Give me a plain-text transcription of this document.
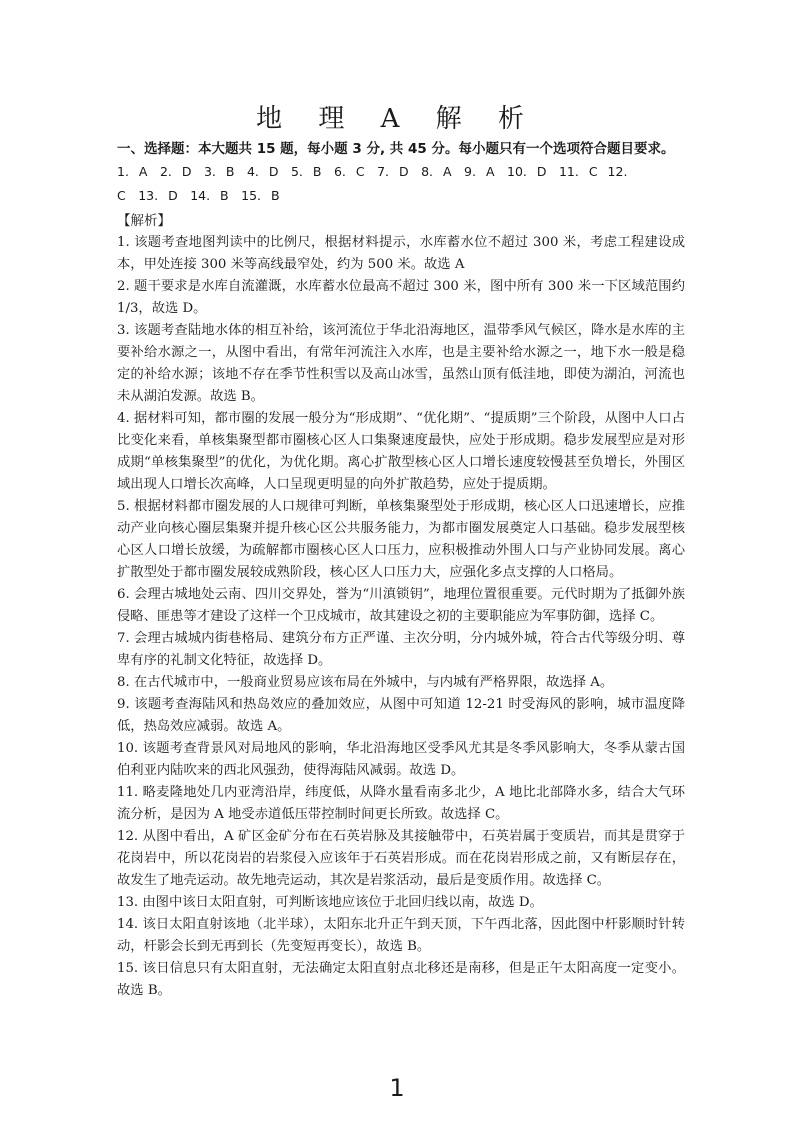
地 理 A 解 析
一、选择题：本大题共 15 题，每小题 3 分, 共 45 分。每小题只有一个选项符合题目要求。
1. A　2. D　3. B　4. D　5. B　6. C　7. D　8. A　9. A　10. D　11. C 12.
C　13. D　14. B　15. B
【解析】

1. 该题考查地图判读中的比例尺，根据材料提示，水库蓄水位不超过 300 米，考虑工程建设成本，甲处连接 300 米等高线最窄处，约为 500 米。故选 A

2. 题干要求是水库自流灌溉，水库蓄水位最高不超过 300 米，图中所有 300 米一下区域范围约 1/3，故选 D。

3. 该题考查陆地水体的相互补给，该河流位于华北沿海地区，温带季风气候区，降水是水库的主要补给水源之一，从图中看出，有常年河流注入水库，也是主要补给水源之一，地下水一般是稳定的补给水源；该地不存在季节性积雪以及高山冰雪，虽然山顶有低洼地，即使为湖泊，河流也未从湖泊发源。故选 B。

4. 据材料可知，都市圈的发展一般分为“形成期”、“优化期”、“提质期”三个阶段，从图中人口占比变化来看，单核集聚型都市圈核心区人口集聚速度最快，应处于形成期。稳步发展型应是对形成期“单核集聚型”的优化，为优化期。离心扩散型核心区人口增长速度较慢甚至负增长，外围区域出现人口增长次高峰，人口呈现更明显的向外扩散趋势，应处于提质期。

5. 根据材料都市圈发展的人口规律可判断，单核集聚型处于形成期，核心区人口迅速增长，应推动产业向核心圈层集聚并提升核心区公共服务能力，为都市圈发展奠定人口基础。稳步发展型核心区人口增长放缓，为疏解都市圈核心区人口压力，应积极推动外围人口与产业协同发展。离心扩散型处于都市圈发展较成熟阶段，核心区人口压力大，应强化多点支撑的人口格局。

6. 会理古城地处云南、四川交界处，誉为“川滇锁钥”，地理位置很重要。元代时期为了抵御外族侵略、匪患等才建设了这样一个卫戍城市，故其建设之初的主要职能应为军事防御，选择 C。

7. 会理古城城内街巷格局、建筑分布方正严谨、主次分明，分内城外城，符合古代等级分明、尊卑有序的礼制文化特征，故选择 D。

8. 在古代城市中，一般商业贸易应该布局在外城中，与内城有严格界限，故选择 A。

9. 该题考查海陆风和热岛效应的叠加效应，从图中可知道 12-21 时受海风的影响，城市温度降低，热岛效应减弱。故选 A。

10. 该题考查背景风对局地风的影响，华北沿海地区受季风尤其是冬季风影响大，冬季从蒙古国伯利亚内陆吹来的西北风强劲，使得海陆风减弱。故选 D。

11. 略麦隆地处几内亚湾沿岸，纬度低，从降水量看南多北少，A 地比北部降水多，结合大气环流分析，是因为 A 地受赤道低压带控制时间更长所致。故选择 C。

12. 从图中看出，A 矿区金矿分布在石英岩脉及其接触带中，石英岩属于变质岩，而其是贯穿于花岗岩中，所以花岗岩的岩浆侵入应该年于石英岩形成。而在花岗岩形成之前，又有断层存在，故发生了地壳运动。故先地壳运动，其次是岩浆活动，最后是变质作用。故选择 C。

13. 由图中该日太阳直射，可判断该地应该位于北回归线以南，故选 D。

14. 该日太阳直射该地（北半球），太阳东北升正午到天顶，下午西北落，因此图中杆影顺时针转动，杆影会长到无再到长（先变短再变长），故选 B。

15. 该日信息只有太阳直射，无法确定太阳直射点北移还是南移，但是正午太阳高度一定变小。故选 B。

1
